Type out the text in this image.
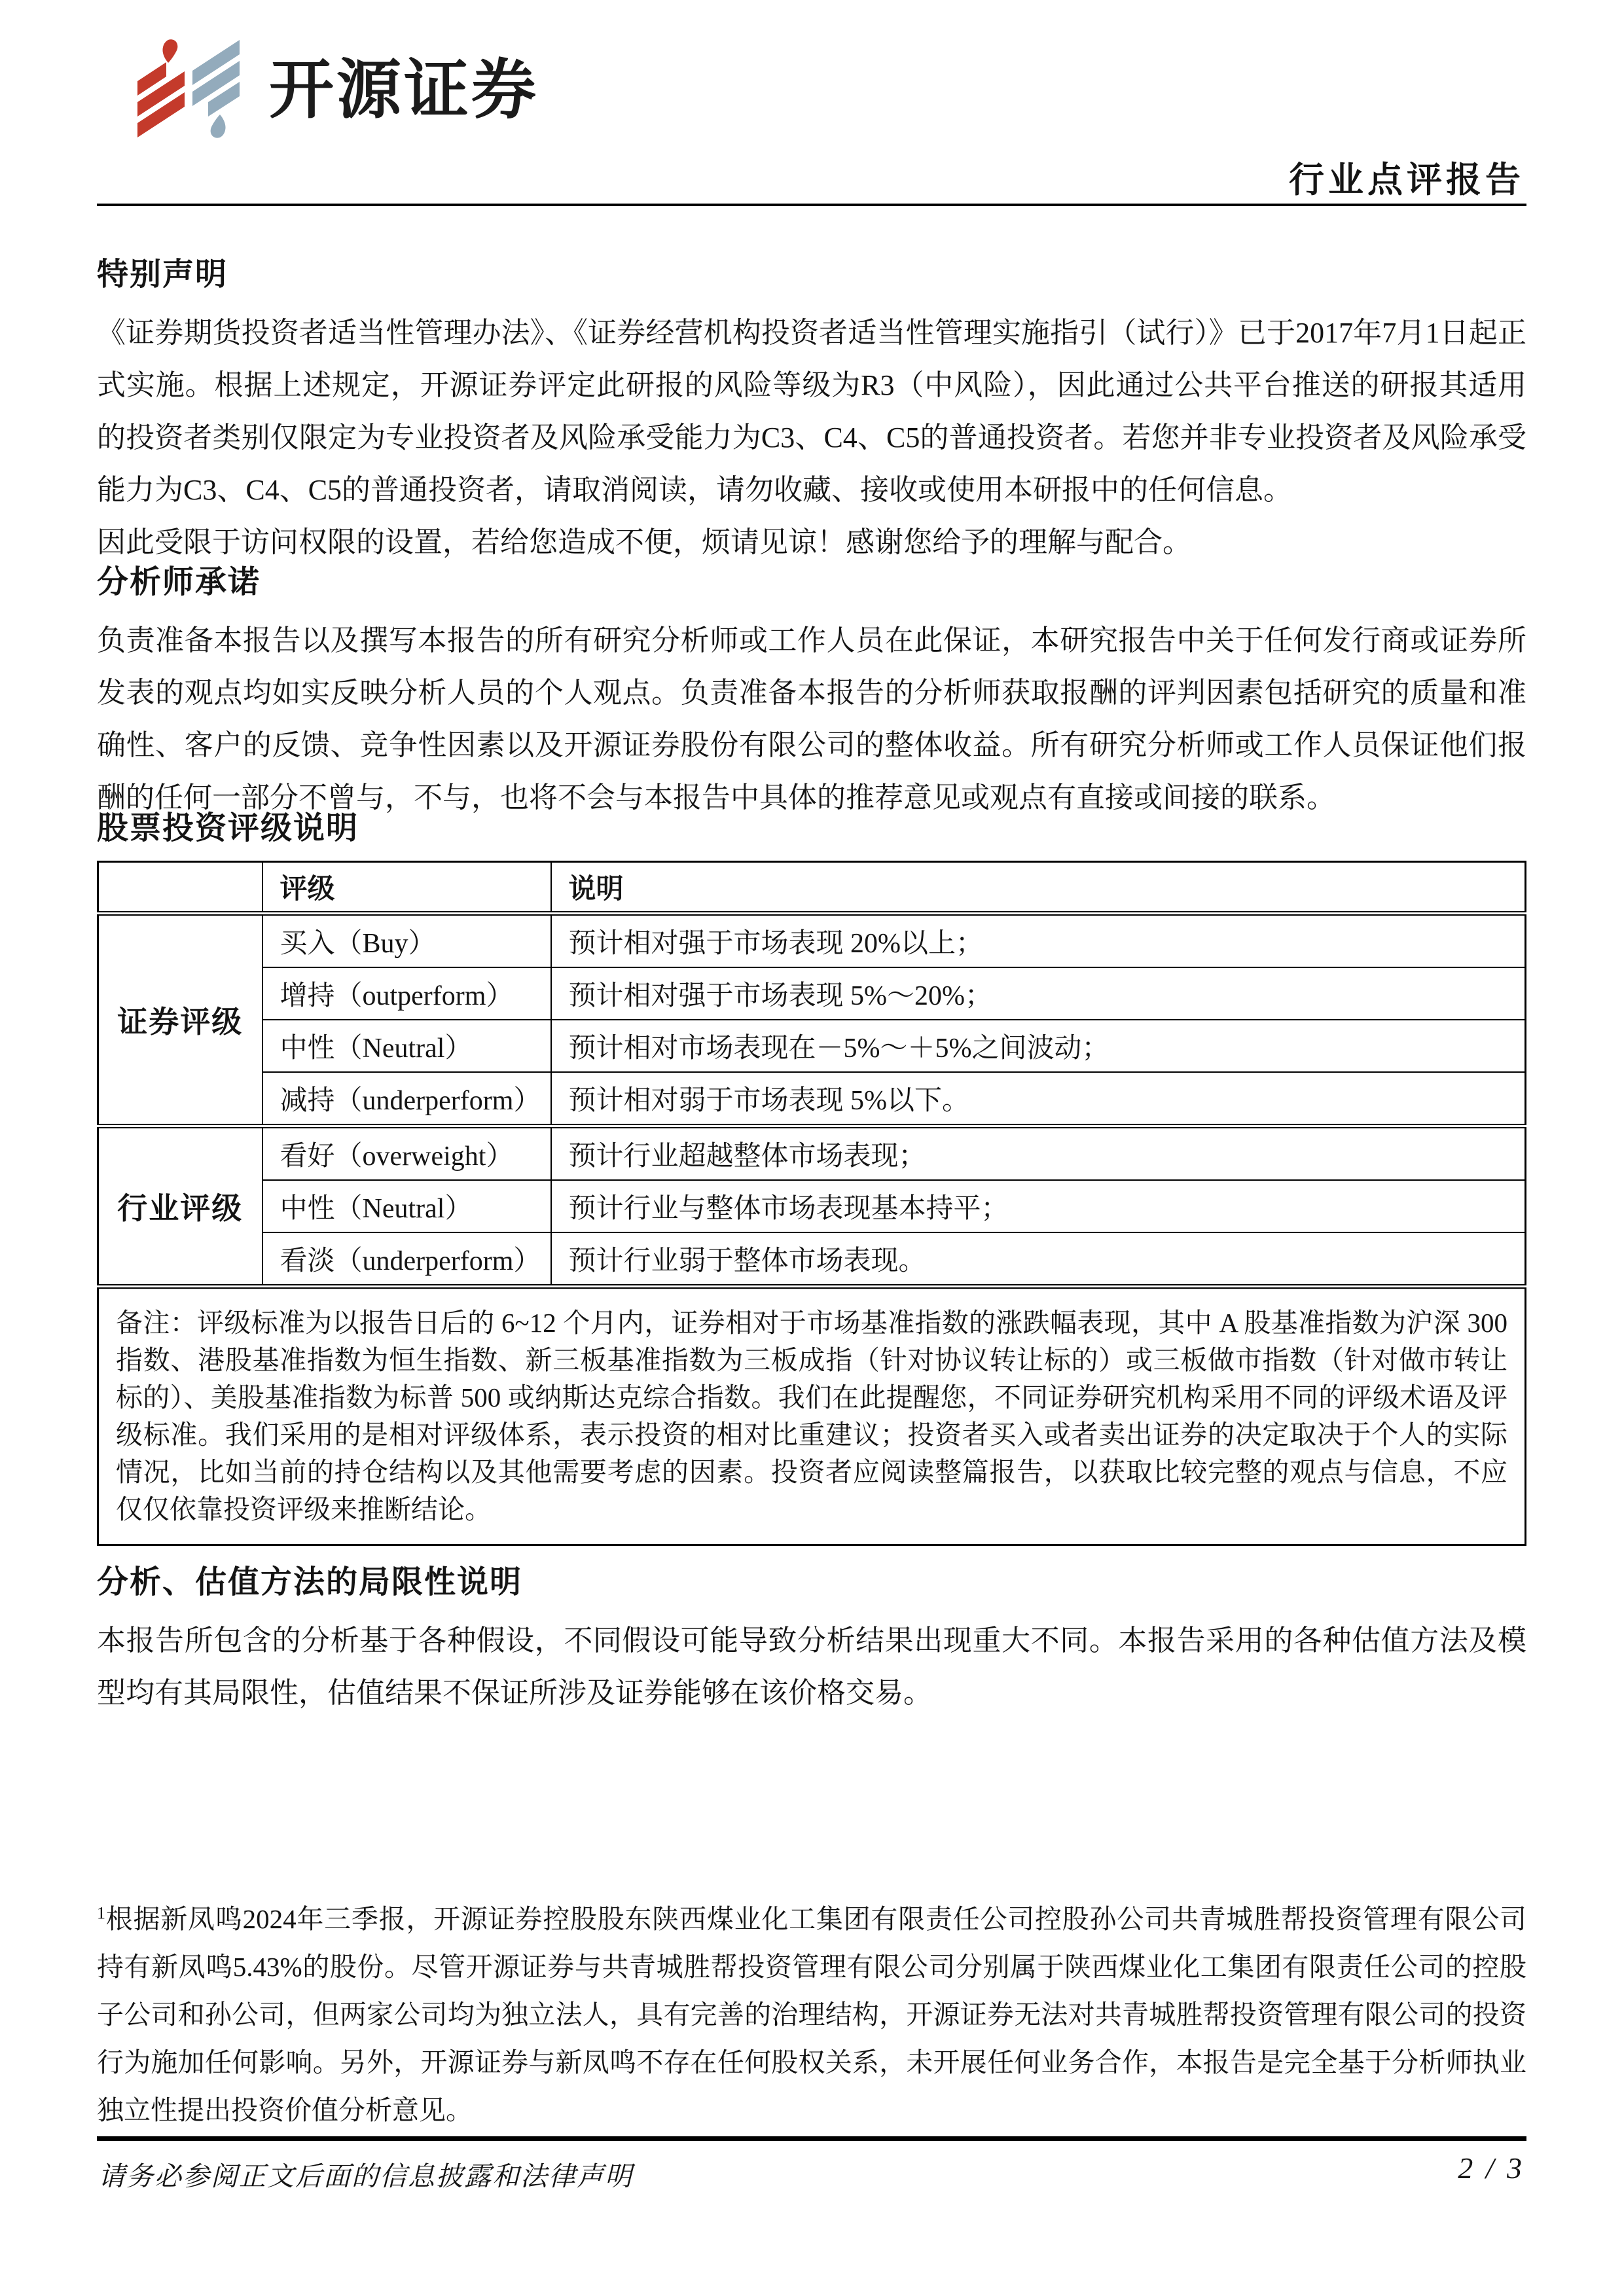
开源证券
行业点评报告
特别声明

《证券期货投资者适当性管理办法》、《证券经营机构投资者适当性管理实施指引（试行）》已于2017年7月1日起正式实施。根据上述规定，开源证券评定此研报的风险等级为R3（中风险），因此通过公共平台推送的研报其适用的投资者类别仅限定为专业投资者及风险承受能力为C3、C4、C5的普通投资者。若您并非专业投资者及风险承受能力为C3、C4、C5的普通投资者，请取消阅读，请勿收藏、接收或使用本研报中的任何信息。

因此受限于访问权限的设置，若给您造成不便，烦请见谅！感谢您给予的理解与配合。

分析师承诺

负责准备本报告以及撰写本报告的所有研究分析师或工作人员在此保证，本研究报告中关于任何发行商或证券所发表的观点均如实反映分析人员的个人观点。负责准备本报告的分析师获取报酬的评判因素包括研究的质量和准确性、客户的反馈、竞争性因素以及开源证券股份有限公司的整体收益。所有研究分析师或工作人员保证他们报酬的任何一部分不曾与，不与，也将不会与本报告中具体的推荐意见或观点有直接或间接的联系。

股票投资评级说明
	评级	说明
证券评级	买入（Buy）	预计相对强于市场表现 20%以上；
	增持（outperform）	预计相对强于市场表现 5%～20%；
	中性（Neutral）	预计相对市场表现在－5%～＋5%之间波动；
	减持（underperform）	预计相对弱于市场表现 5%以下。
行业评级	看好（overweight）	预计行业超越整体市场表现；
	中性（Neutral）	预计行业与整体市场表现基本持平；
	看淡（underperform）	预计行业弱于整体市场表现。
备注：评级标准为以报告日后的 6~12 个月内，证券相对于市场基准指数的涨跌幅表现，其中 A 股基准指数为沪深 300 指数、港股基准指数为恒生指数、新三板基准指数为三板成指（针对协议转让标的）或三板做市指数（针对做市转让标的）、美股基准指数为标普 500 或纳斯达克综合指数。我们在此提醒您，不同证券研究机构采用不同的评级术语及评级标准。我们采用的是相对评级体系，表示投资的相对比重建议；投资者买入或者卖出证券的决定取决于个人的实际情况，比如当前的持仓结构以及其他需要考虑的因素。投资者应阅读整篇报告，以获取比较完整的观点与信息，不应仅仅依靠投资评级来推断结论。		
分析、估值方法的局限性说明

本报告所包含的分析基于各种假设，不同假设可能导致分析结果出现重大不同。本报告采用的各种估值方法及模型均有其局限性，估值结果不保证所涉及证券能够在该价格交易。

$^1$根据新凤鸣2024年三季报，开源证券控股股东陕西煤业化工集团有限责任公司控股孙公司共青城胜帮投资管理有限公司持有新凤鸣5.43%的股份。尽管开源证券与共青城胜帮投资管理有限公司分别属于陕西煤业化工集团有限责任公司的控股子公司和孙公司，但两家公司均为独立法人，具有完善的治理结构，开源证券无法对共青城胜帮投资管理有限公司的投资行为施加任何影响。另外，开源证券与新凤鸣不存在任何股权关系，未开展任何业务合作，本报告是完全基于分析师执业独立性提出投资价值分析意见。
请务必参阅正文后面的信息披露和法律声明	2 / 3
